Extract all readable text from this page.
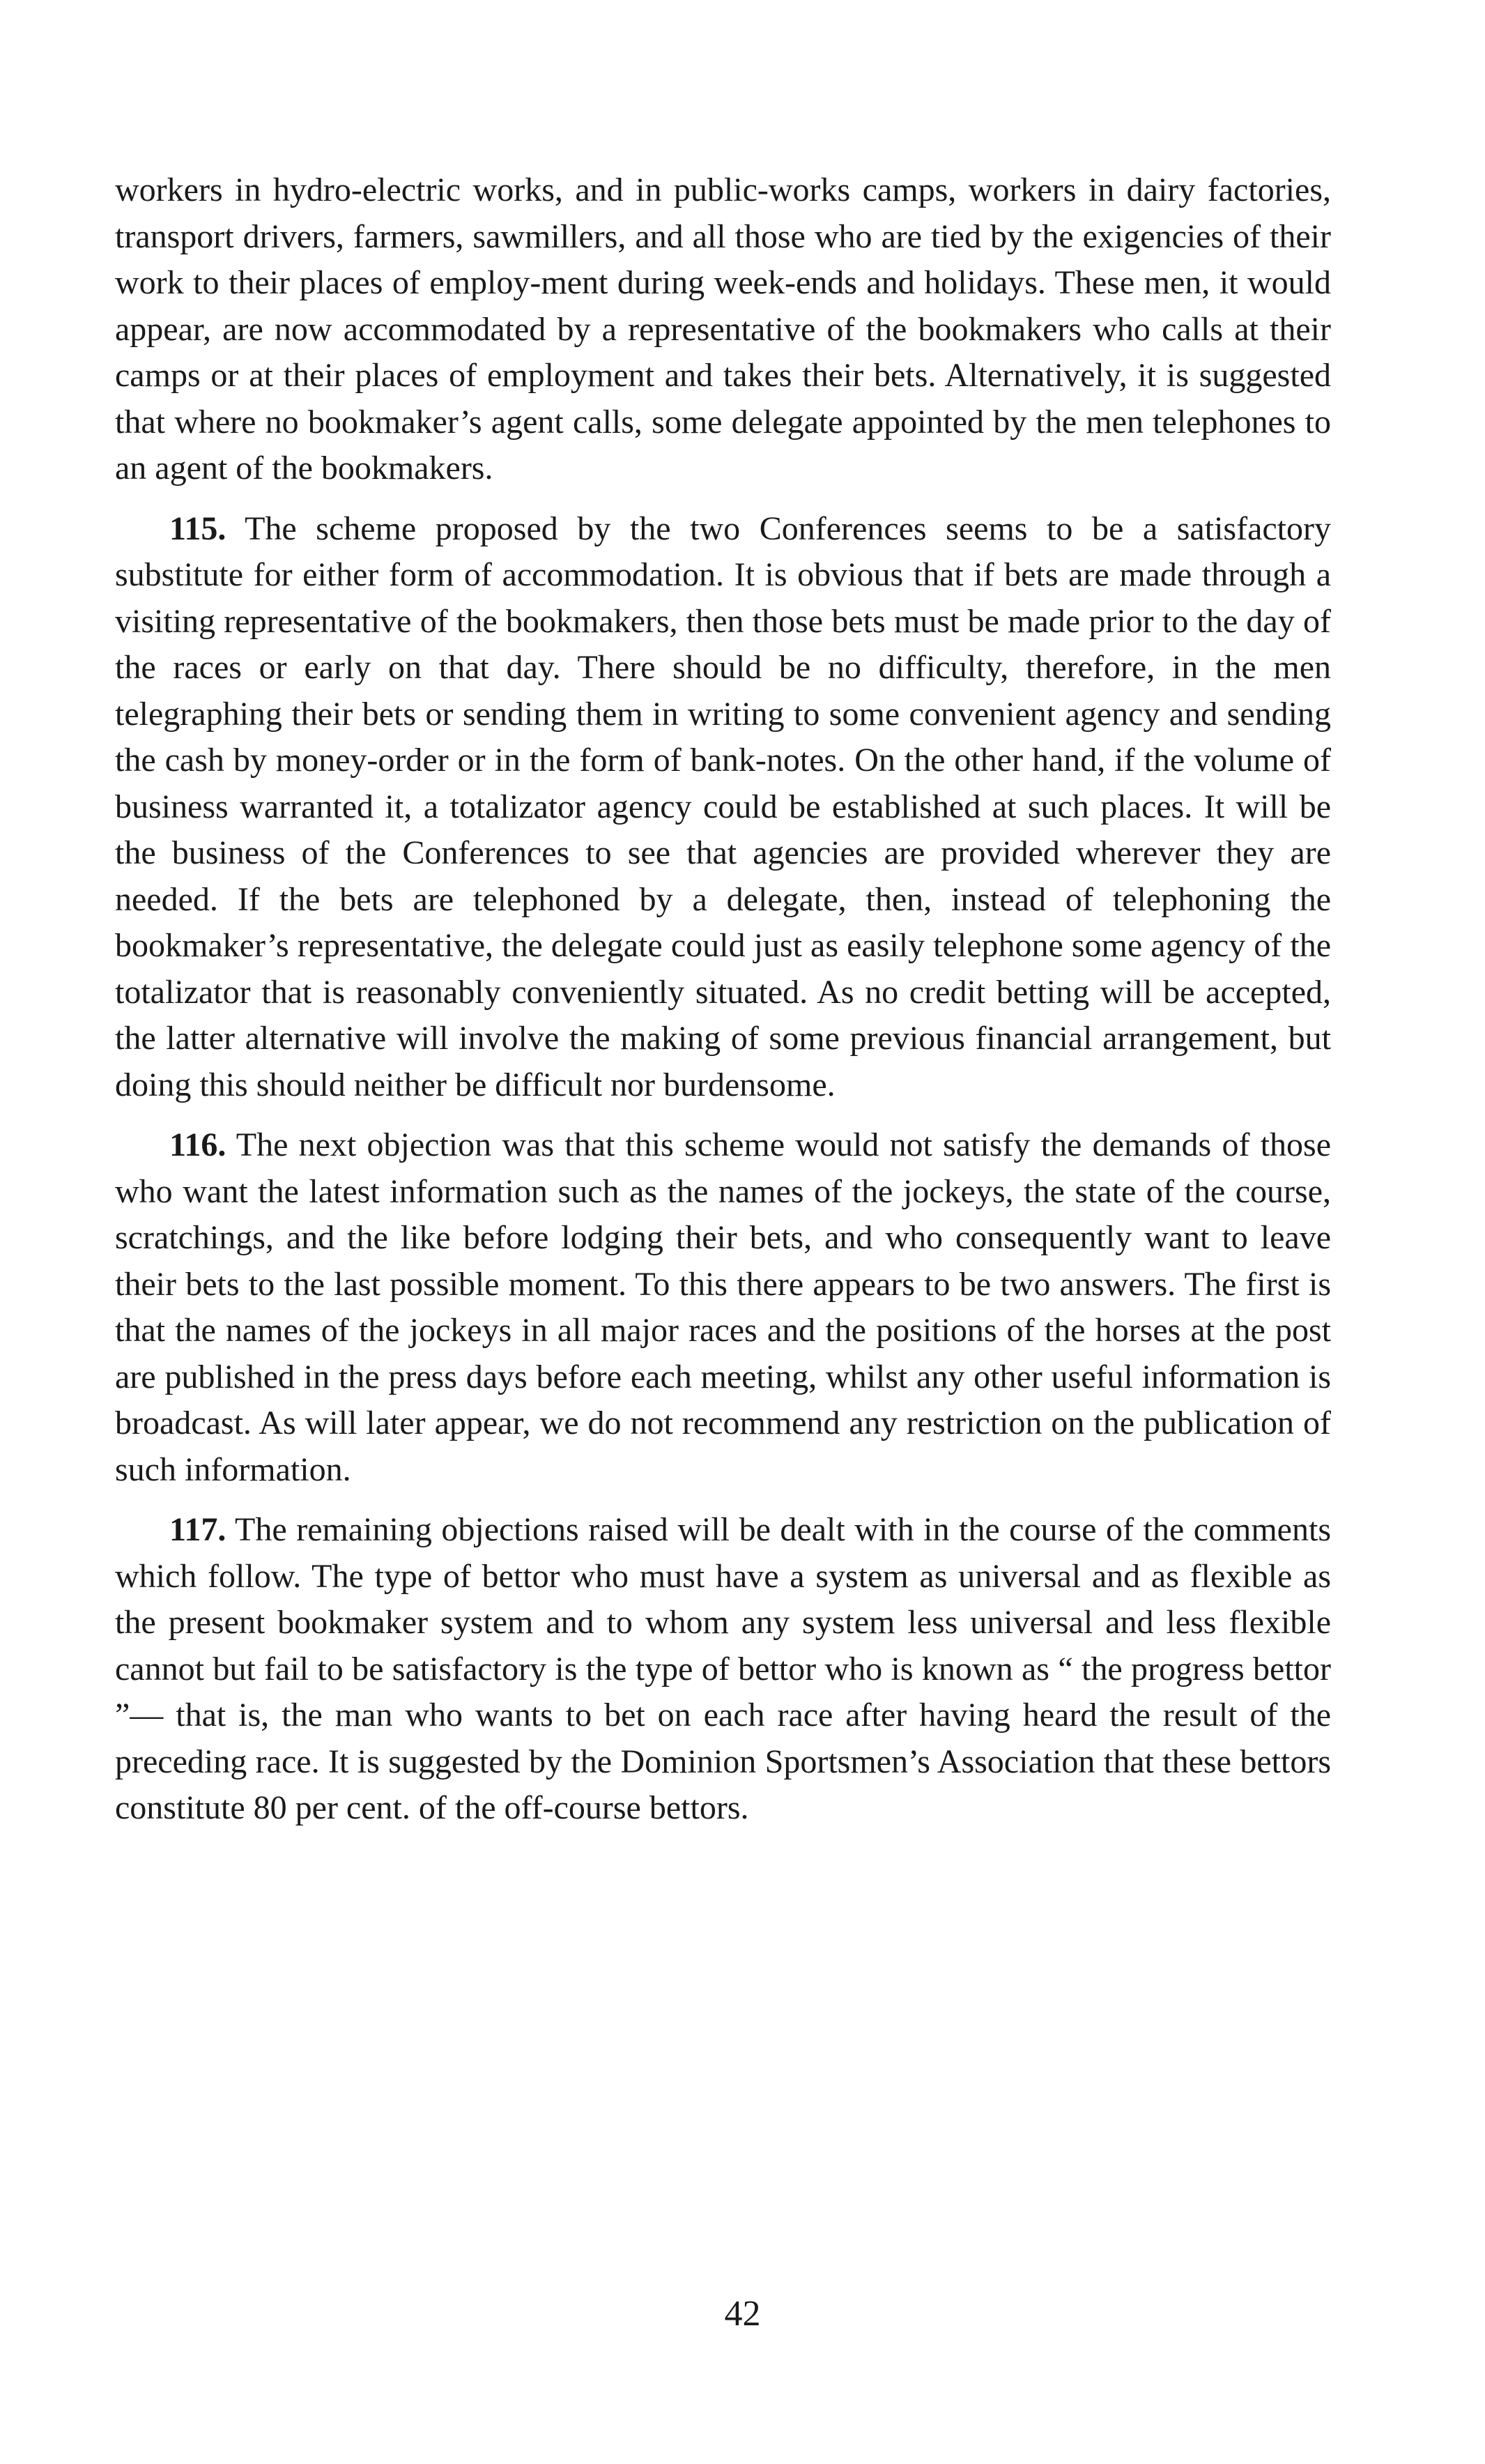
workers in hydro-electric works, and in public-works camps, workers in dairy factories, transport drivers, farmers, sawmillers, and all those who are tied by the exigencies of their work to their places of employ-ment during week-ends and holidays. These men, it would appear, are now accommodated by a representative of the bookmakers who calls at their camps or at their places of employment and takes their bets. Alternatively, it is suggested that where no bookmaker’s agent calls, some delegate appointed by the men telephones to an agent of the bookmakers.

115. The scheme proposed by the two Conferences seems to be a satisfactory substitute for either form of accommodation. It is obvious that if bets are made through a visiting representative of the bookmakers, then those bets must be made prior to the day of the races or early on that day. There should be no difficulty, therefore, in the men telegraphing their bets or sending them in writing to some convenient agency and sending the cash by money-order or in the form of bank-notes. On the other hand, if the volume of business warranted it, a totalizator agency could be established at such places. It will be the business of the Conferences to see that agencies are provided wherever they are needed. If the bets are telephoned by a delegate, then, instead of telephoning the bookmaker’s representative, the delegate could just as easily telephone some agency of the totalizator that is reasonably conveniently situated. As no credit betting will be accepted, the latter alternative will involve the making of some previous financial arrangement, but doing this should neither be difficult nor burdensome.

116. The next objection was that this scheme would not satisfy the demands of those who want the latest information such as the names of the jockeys, the state of the course, scratchings, and the like before lodging their bets, and who consequently want to leave their bets to the last possible moment. To this there appears to be two answers. The first is that the names of the jockeys in all major races and the positions of the horses at the post are published in the press days before each meeting, whilst any other useful information is broadcast. As will later appear, we do not recommend any restriction on the publication of such information.

117. The remaining objections raised will be dealt with in the course of the comments which follow. The type of bettor who must have a system as universal and as flexible as the present bookmaker system and to whom any system less universal and less flexible cannot but fail to be satisfactory is the type of bettor who is known as “ the progress bettor ”— that is, the man who wants to bet on each race after having heard the result of the preceding race. It is suggested by the Dominion Sportsmen’s Association that these bettors constitute 80 per cent. of the off-course bettors.

42
